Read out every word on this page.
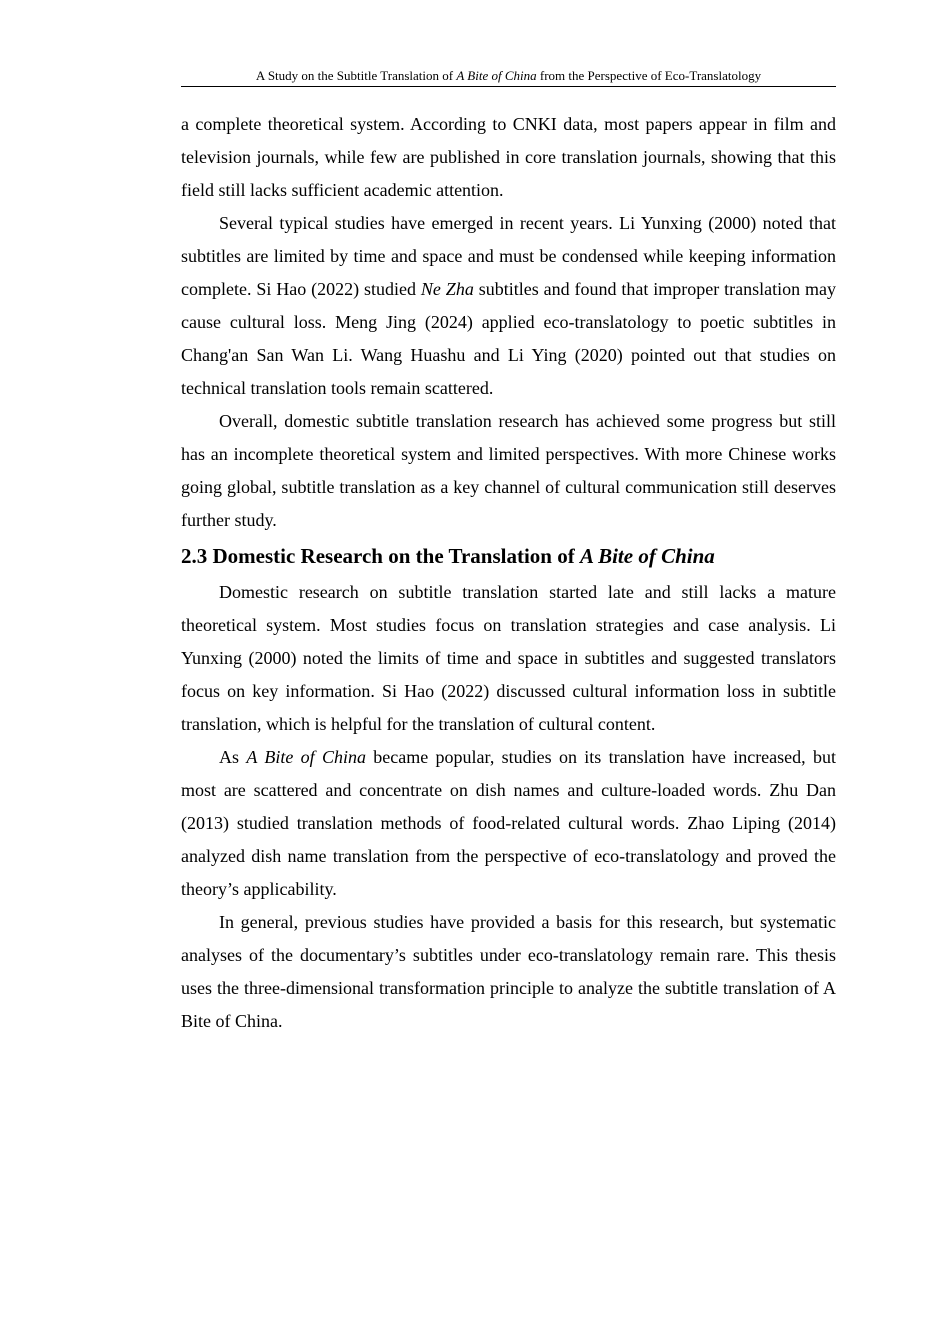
A Study on the Subtitle Translation of A Bite of China from the Perspective of Eco-Translatology

a complete theoretical system. According to CNKI data, most papers appear in film and television journals, while few are published in core translation journals, showing that this field still lacks sufficient academic attention.

Several typical studies have emerged in recent years. Li Yunxing (2000) noted that subtitles are limited by time and space and must be condensed while keeping information complete. Si Hao (2022) studied Ne Zha subtitles and found that improper translation may cause cultural loss. Meng Jing (2024) applied eco-translatology to poetic subtitles in Chang'an San Wan Li. Wang Huashu and Li Ying (2020) pointed out that studies on technical translation tools remain scattered.

Overall, domestic subtitle translation research has achieved some progress but still has an incomplete theoretical system and limited perspectives. With more Chinese works going global, subtitle translation as a key channel of cultural communication still deserves further study.

2.3 Domestic Research on the Translation of A Bite of China

Domestic research on subtitle translation started late and still lacks a mature theoretical system. Most studies focus on translation strategies and case analysis. Li Yunxing (2000) noted the limits of time and space in subtitles and suggested translators focus on key information. Si Hao (2022) discussed cultural information loss in subtitle translation, which is helpful for the translation of cultural content.

As A Bite of China became popular, studies on its translation have increased, but most are scattered and concentrate on dish names and culture-loaded words. Zhu Dan (2013) studied translation methods of food-related cultural words. Zhao Liping (2014) analyzed dish name translation from the perspective of eco-translatology and proved the theory’s applicability.

In general, previous studies have provided a basis for this research, but systematic analyses of the documentary’s subtitles under eco-translatology remain rare. This thesis uses the three-dimensional transformation principle to analyze the subtitle translation of A Bite of China.
